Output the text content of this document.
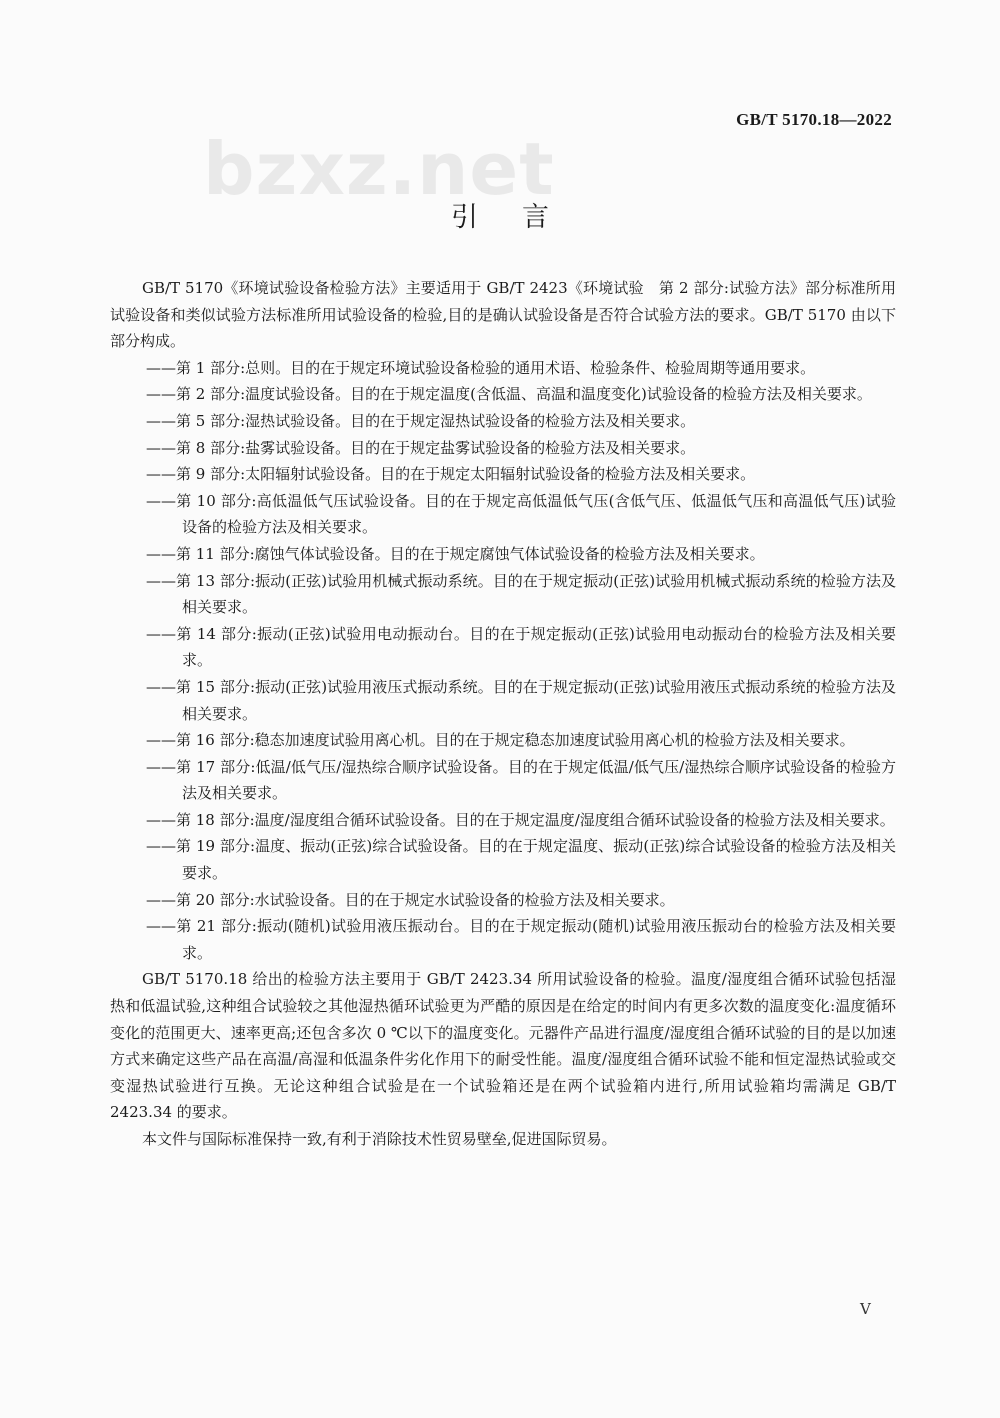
GB/T 5170.18—2022
bzxz.net
引言

GB/T 5170《环境试验设备检验方法》主要适用于 GB/T 2423《环境试验　第 2 部分:试验方法》部分标准所用试验设备和类似试验方法标准所用试验设备的检验,目的是确认试验设备是否符合试验方法的要求。GB/T 5170 由以下部分构成。

——第 1 部分:总则。目的在于规定环境试验设备检验的通用术语、检验条件、检验周期等通用要求。
——第 2 部分:温度试验设备。目的在于规定温度(含低温、高温和温度变化)试验设备的检验方法及相关要求。
——第 5 部分:湿热试验设备。目的在于规定湿热试验设备的检验方法及相关要求。
——第 8 部分:盐雾试验设备。目的在于规定盐雾试验设备的检验方法及相关要求。
——第 9 部分:太阳辐射试验设备。目的在于规定太阳辐射试验设备的检验方法及相关要求。
——第 10 部分:高低温低气压试验设备。目的在于规定高低温低气压(含低气压、低温低气压和高温低气压)试验设备的检验方法及相关要求。
——第 11 部分:腐蚀气体试验设备。目的在于规定腐蚀气体试验设备的检验方法及相关要求。
——第 13 部分:振动(正弦)试验用机械式振动系统。目的在于规定振动(正弦)试验用机械式振动系统的检验方法及相关要求。
——第 14 部分:振动(正弦)试验用电动振动台。目的在于规定振动(正弦)试验用电动振动台的检验方法及相关要求。
——第 15 部分:振动(正弦)试验用液压式振动系统。目的在于规定振动(正弦)试验用液压式振动系统的检验方法及相关要求。
——第 16 部分:稳态加速度试验用离心机。目的在于规定稳态加速度试验用离心机的检验方法及相关要求。
——第 17 部分:低温/低气压/湿热综合顺序试验设备。目的在于规定低温/低气压/湿热综合顺序试验设备的检验方法及相关要求。
——第 18 部分:温度/湿度组合循环试验设备。目的在于规定温度/湿度组合循环试验设备的检验方法及相关要求。
——第 19 部分:温度、振动(正弦)综合试验设备。目的在于规定温度、振动(正弦)综合试验设备的检验方法及相关要求。
——第 20 部分:水试验设备。目的在于规定水试验设备的检验方法及相关要求。
——第 21 部分:振动(随机)试验用液压振动台。目的在于规定振动(随机)试验用液压振动台的检验方法及相关要求。

GB/T 5170.18 给出的检验方法主要用于 GB/T 2423.34 所用试验设备的检验。温度/湿度组合循环试验包括湿热和低温试验,这种组合试验较之其他湿热循环试验更为严酷的原因是在给定的时间内有更多次数的温度变化:温度循环变化的范围更大、速率更高;还包含多次 0 ℃以下的温度变化。元器件产品进行温度/湿度组合循环试验的目的是以加速方式来确定这些产品在高温/高湿和低温条件劣化作用下的耐受性能。温度/湿度组合循环试验不能和恒定湿热试验或交变湿热试验进行互换。无论这种组合试验是在一个试验箱还是在两个试验箱内进行,所用试验箱均需满足 GB/T 2423.34 的要求。

本文件与国际标准保持一致,有利于消除技术性贸易壁垒,促进国际贸易。

V
